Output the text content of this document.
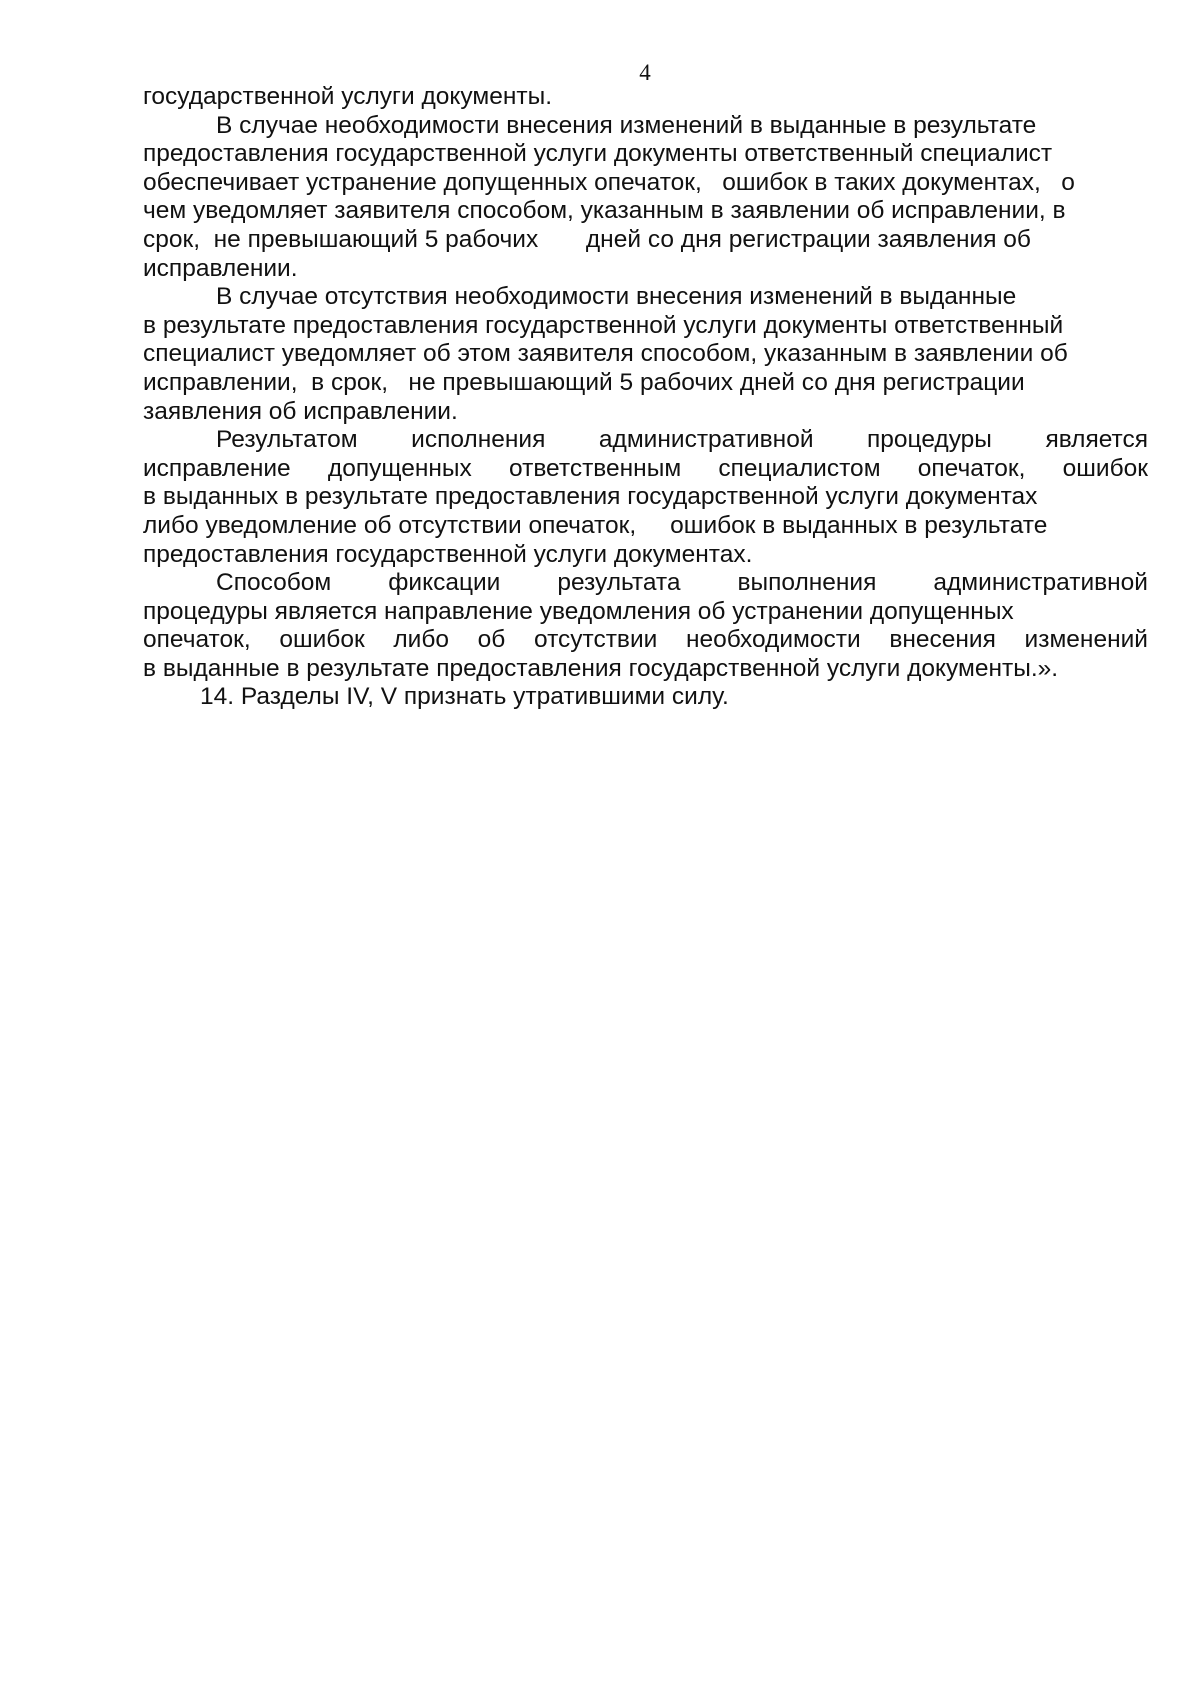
4
государственной услуги документы.
В случае необходимости внесения изменений в выданные в результате
предоставления государственной услуги документы ответственный специалист
обеспечивает устранение допущенных опечаток,   ошибок в таких документах,   о
чем уведомляет заявителя способом, указанным в заявлении об исправлении, в
срок,  не превышающий 5 рабочих       дней со дня регистрации заявления об
исправлении.
В случае отсутствия необходимости внесения изменений в выданные
в результате предоставления государственной услуги документы ответственный
специалист уведомляет об этом заявителя способом, указанным в заявлении об
исправлении,  в срок,   не превышающий 5 рабочих дней со дня регистрации
заявления об исправлении.
Результатом исполнения административной процедуры является
исправление допущенных ответственным специалистом опечаток, ошибок
в выданных в результате предоставления государственной услуги документах
либо уведомление об отсутствии опечаток,     ошибок в выданных в результате
предоставления государственной услуги документах.
Способом фиксации результата выполнения административной
процедуры является направление уведомления об устранении допущенных
опечаток, ошибок либо об отсутствии необходимости внесения изменений
в выданные в результате предоставления государственной услуги документы.».
14. Разделы IV, V признать утратившими силу.
